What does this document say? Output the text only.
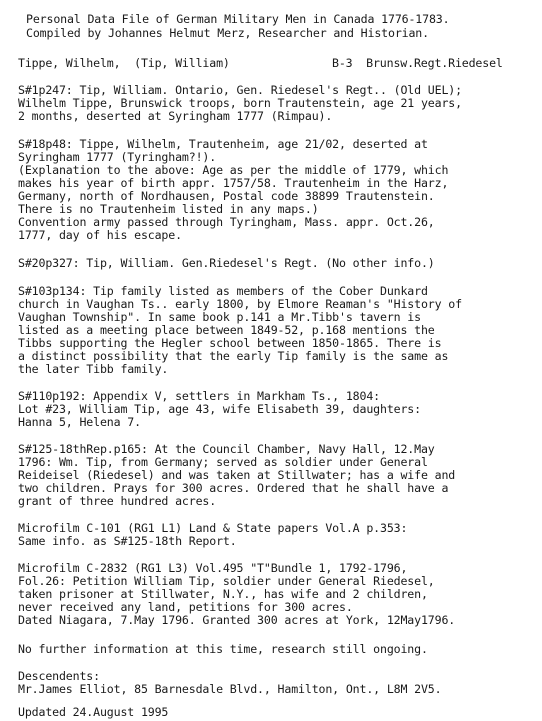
Personal Data File of German Military Men in Canada 1776-1783.
Compiled by Johannes Helmut Merz, Researcher and Historian.
Tippe, Wilhelm,  (Tip, William)	B-3  Brunsw.Regt.Riedesel
S#1p247: Tip, William. Ontario, Gen. Riedesel's Regt.. (Old UEL);
Wilhelm Tippe, Brunswick troops, born Trautenstein, age 21 years,
2 months, deserted at Syringham 1777 (Rimpau).
S#18p48: Tippe, Wilhelm, Trautenheim, age 21/02, deserted at
Syringham 1777 (Tyringham?!).
(Explanation to the above: Age as per the middle of 1779, which
makes his year of birth appr. 1757/58. Trautenheim in the Harz,
Germany, north of Nordhausen, Postal code 38899 Trautenstein.
There is no Trautenheim listed in any maps.)
Convention army passed through Tyringham, Mass. appr. Oct.26,
1777, day of his escape.
S#20p327: Tip, William. Gen.Riedesel's Regt. (No other info.)
S#103p134: Tip family listed as members of the Cober Dunkard
church in Vaughan Ts.. early 1800, by Elmore Reaman's "History of
Vaughan Township". In same book p.141 a Mr.Tibb's tavern is
listed as a meeting place between 1849-52, p.168 mentions the
Tibbs supporting the Hegler school between 1850-1865. There is
a distinct possibility that the early Tip family is the same as
the later Tibb family.
S#110p192: Appendix V, settlers in Markham Ts., 1804:
Lot #23, William Tip, age 43, wife Elisabeth 39, daughters:
Hanna 5, Helena 7.
S#125-18thRep.p165: At the Council Chamber, Navy Hall, 12.May
1796: Wm. Tip, from Germany; served as soldier under General
Reideisel (Riedesel) and was taken at Stillwater; has a wife and
two children. Prays for 300 acres. Ordered that he shall have a
grant of three hundred acres.
Microfilm C-101 (RG1 L1) Land & State papers Vol.A p.353:
Same info. as S#125-18th Report.
Microfilm C-2832 (RG1 L3) Vol.495 "T"Bundle 1, 1792-1796,
Fol.26: Petition William Tip, soldier under General Riedesel,
taken prisoner at Stillwater, N.Y., has wife and 2 children,
never received any land, petitions for 300 acres.
Dated Niagara, 7.May 1796. Granted 300 acres at York, 12May1796.
No further information at this time, research still ongoing.
Descendents:
Mr.James Elliot, 85 Barnesdale Blvd., Hamilton, Ont., L8M 2V5.
Updated 24.August 1995
